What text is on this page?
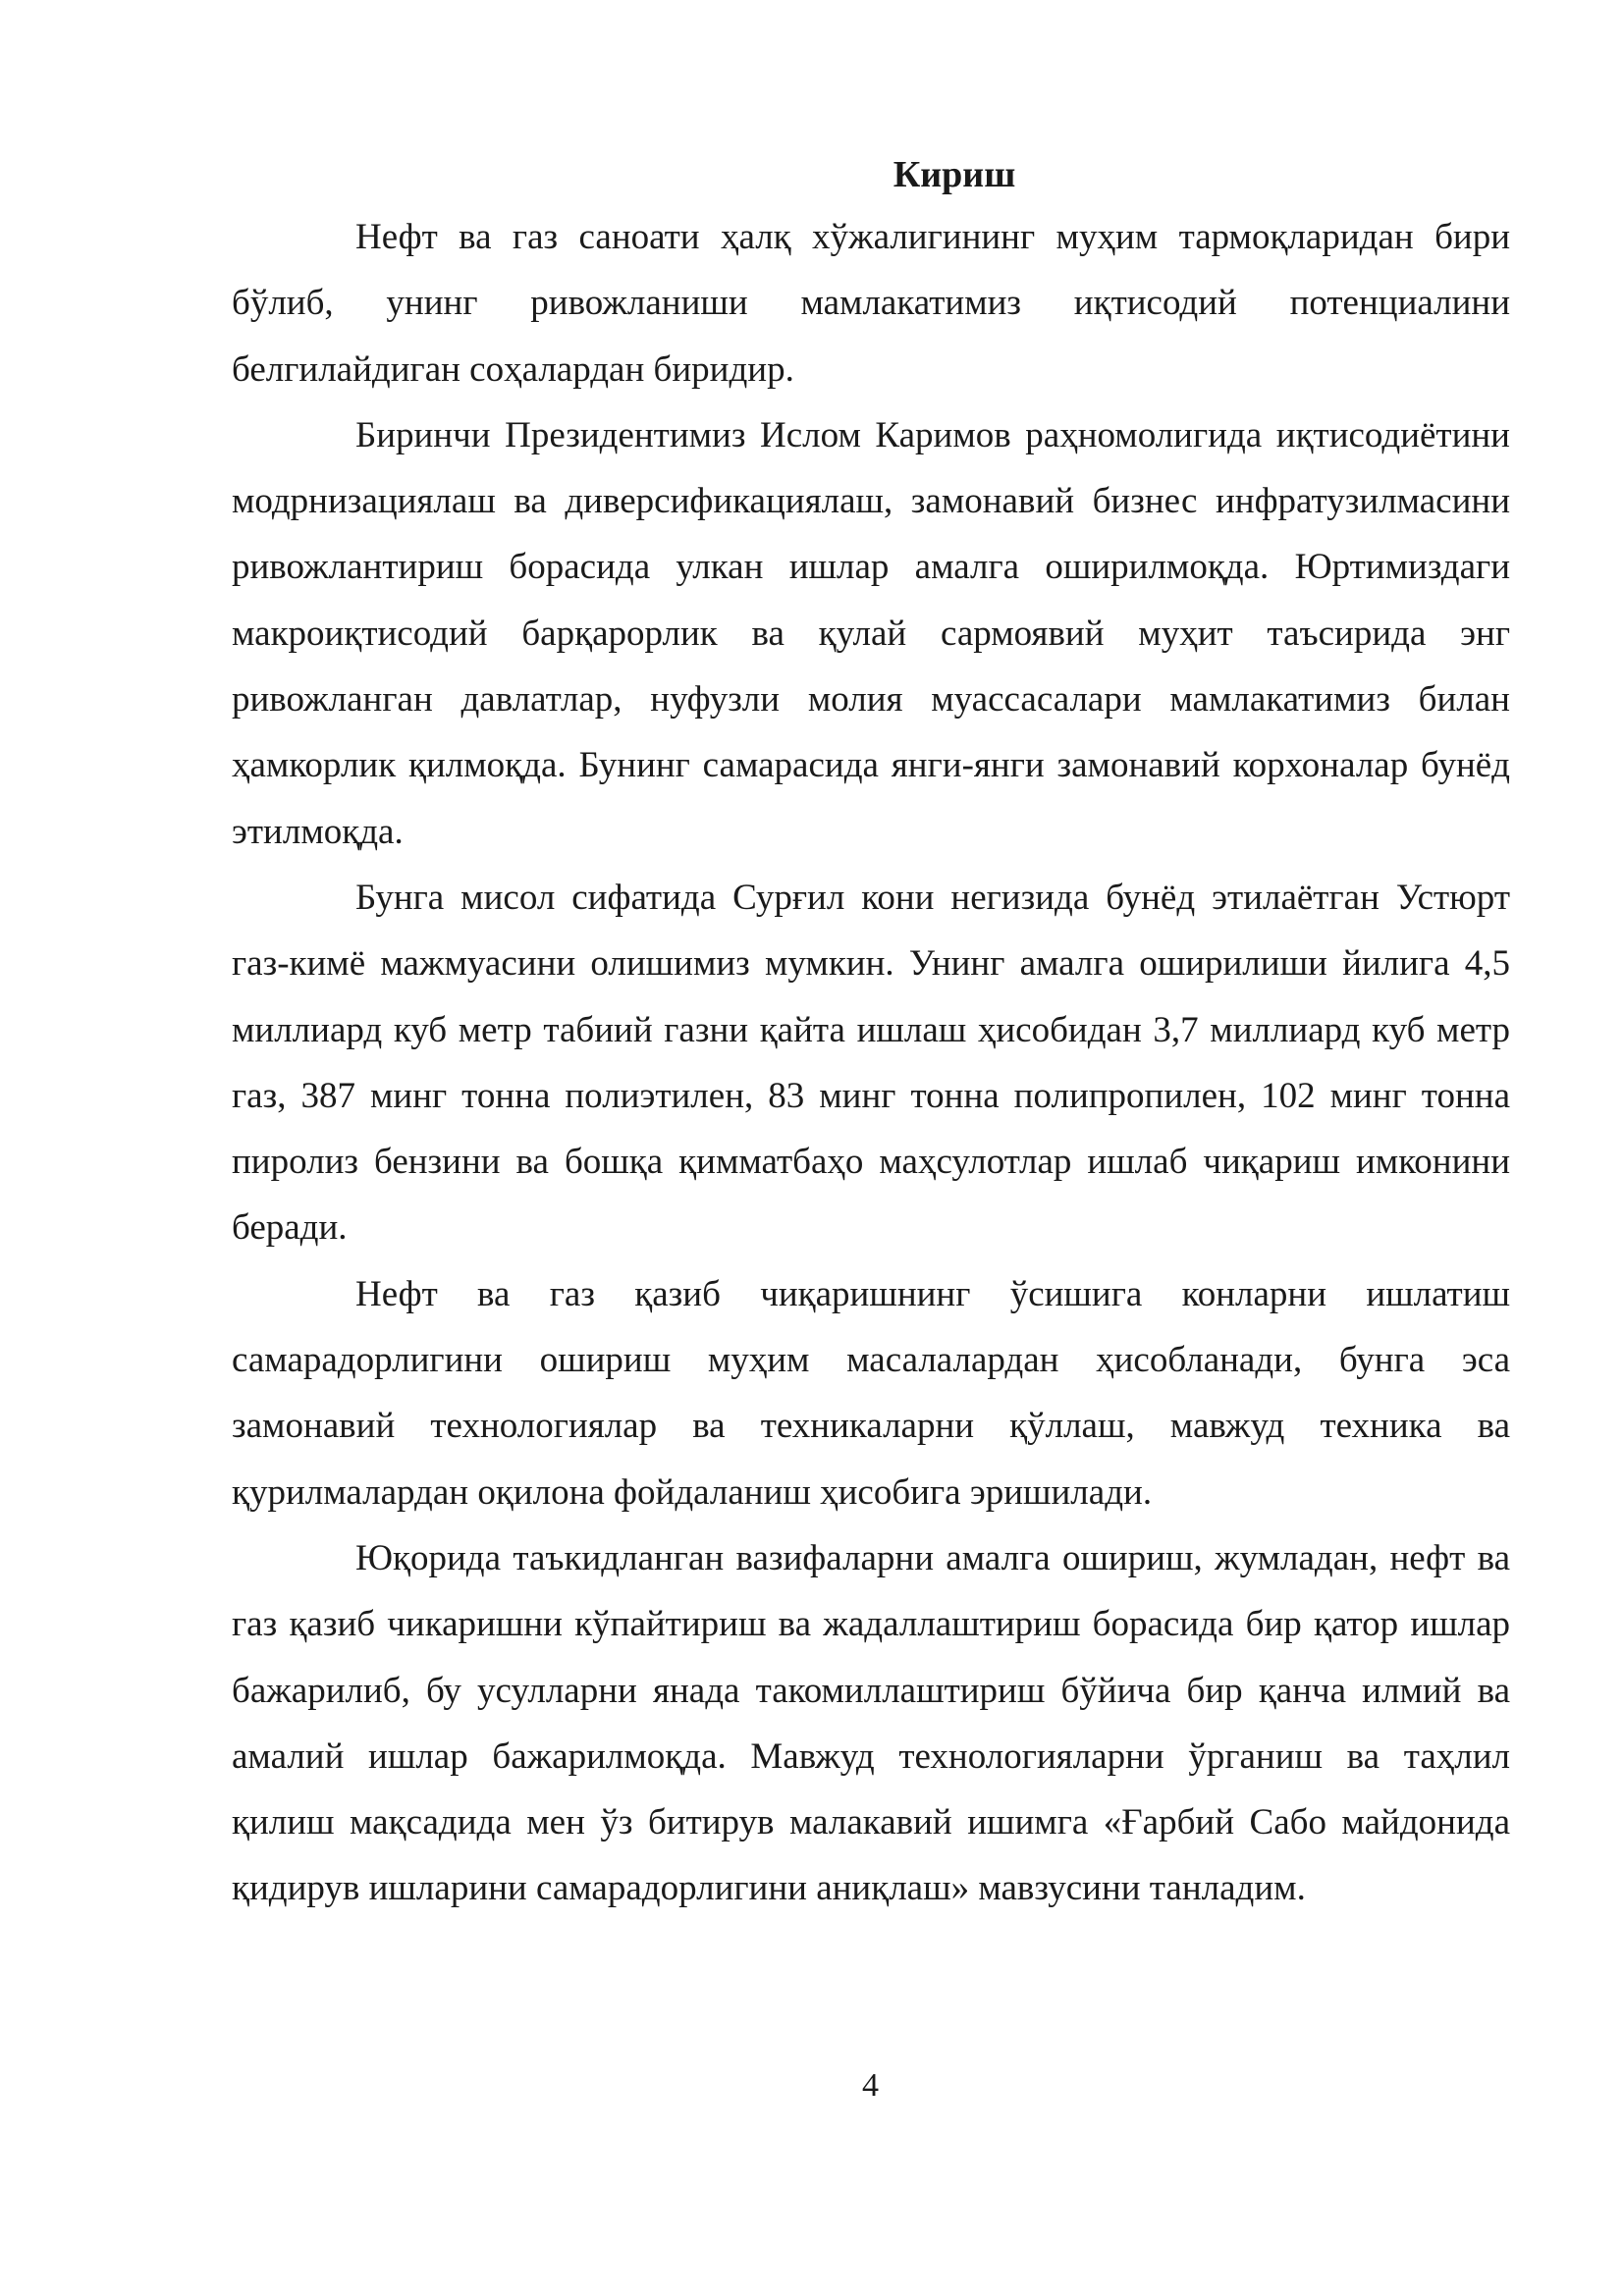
Кириш

Нефт ва газ саноати ҳалқ хўжалигининг муҳим тармоқларидан бири бўлиб, унинг ривожланиши мамлакатимиз иқтисодий потенциалини белгилайдиган соҳалардан биридир.

Биринчи Президентимиз Ислом Каримов раҳномолигида иқтисодиётини модрнизациялаш ва диверсификациялаш, замонавий бизнес инфратузилмасини ривожлантириш борасида улкан ишлар амалга оширилмоқда. Юртимиздаги макроиқтисодий барқарорлик ва қулай сармоявий муҳит таъсирида энг ривожланган давлатлар, нуфузли молия муассасалари мамлакатимиз билан ҳамкорлик қилмоқда. Бунинг самарасида янги-янги замонавий корхоналар бунёд этилмоқда.

Бунга мисол сифатида Сурғил кони негизида бунёд этилаётган Устюрт газ-кимё мажмуасини олишимиз мумкин. Унинг амалга оширилиши йилига 4,5 миллиард куб метр табиий газни қайта ишлаш ҳисобидан 3,7 миллиард куб метр газ, 387 минг тонна полиэтилен, 83 минг тонна полипропилен, 102 минг тонна пиролиз бензини ва бошқа қимматбаҳо маҳсулотлар ишлаб чиқариш имконини беради.

Нефт ва газ қазиб чиқаришнинг ўсишига конларни ишлатиш самарадорлигини ошириш муҳим масалалардан ҳисобланади, бунга эса замонавий технологиялар ва техникаларни қўллаш, мавжуд техника ва қурилмалардан оқилона фойдаланиш ҳисобига эришилади.

Юқорида таъкидланган вазифаларни амалга ошириш, жумладан, нефт ва газ қазиб чикаришни кўпайтириш ва жадаллаштириш борасида бир қатор ишлар бажарилиб, бу усулларни янада такомиллаштириш бўйича бир қанча илмий ва амалий ишлар бажарилмоқда. Мавжуд технологияларни ўрганиш ва таҳлил қилиш мақсадида мен ўз битирув малакавий ишимга «Ғарбий Сабо майдонида қидирув ишларини самарадорлигини аниқлаш» мавзусини танладим.

4
